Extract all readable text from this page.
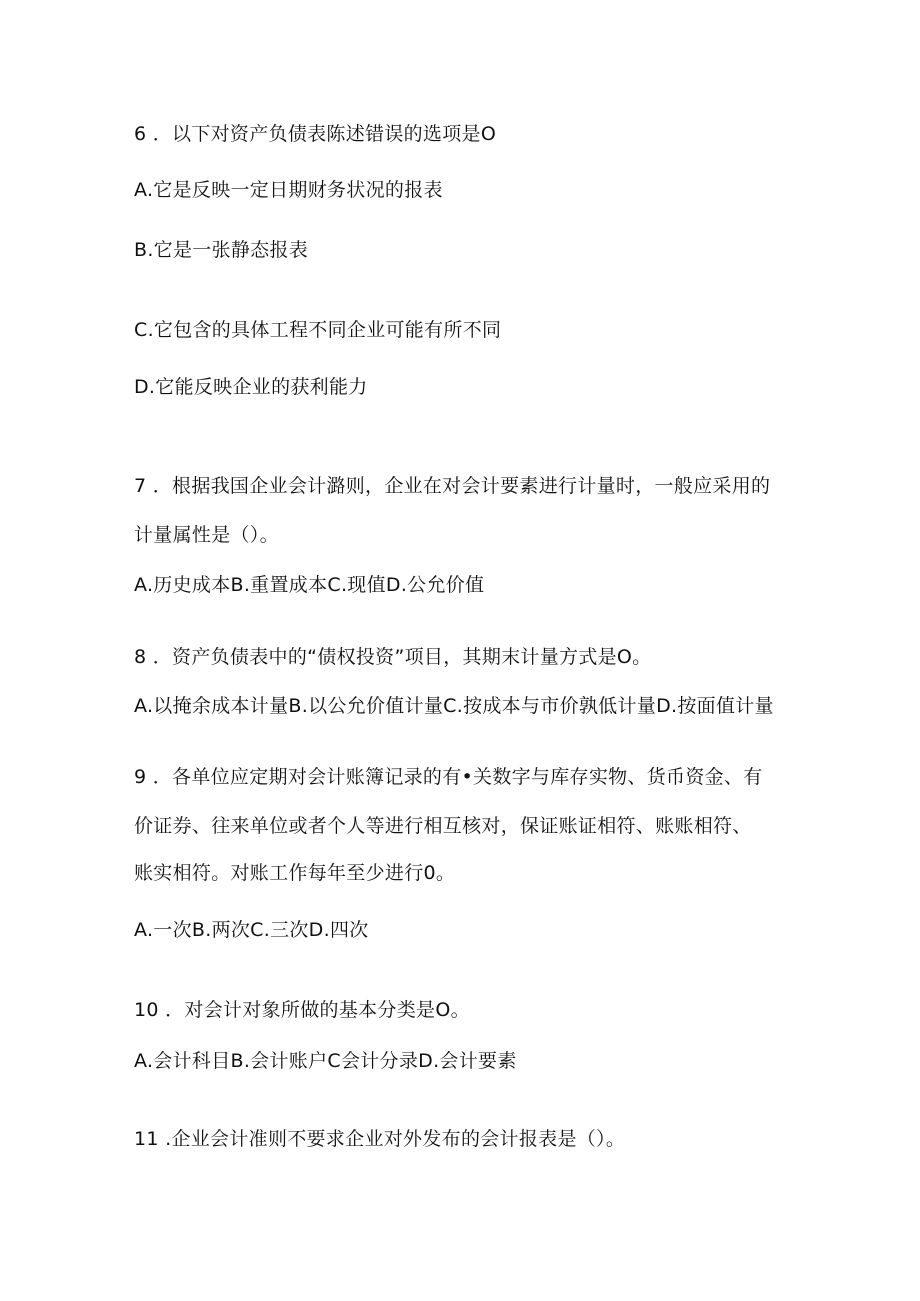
6 ．以下对资产负债表陈述错误的选项是O
A.它是反映一定日期财务状况的报表
B.它是一张静态报表
C.它包含的具体工程不同企业可能有所不同
D.它能反映企业的获利能力
7 ．根据我国企业会计潞则，企业在对会计要素进行计量时，一般应采用的
计量属性是（）。
A.历史成本B.重置成本C.现值D.公允价值
8 ．资产负债表中的“债权投资”项目，其期末计量方式是O。
A.以掩余成本计量B.以公允价值计量C.按成本与市价孰低计量D.按面值计量
9 ．各单位应定期对会计账簿记录的有•关数字与库存实物、货币资金、有
价证券、往来单位或者个人等进行相互核对，保证账证相符、账账相符、
账实相符。对账工作每年至少进行0。
A.一次B.两次C.三次D.四次
10 ．对会计对象所做的基本分类是O。
A.会计科目B.会计账户C会计分录D.会计要素
11 .企业会计准则不要求企业对外发布的会计报表是（）。
